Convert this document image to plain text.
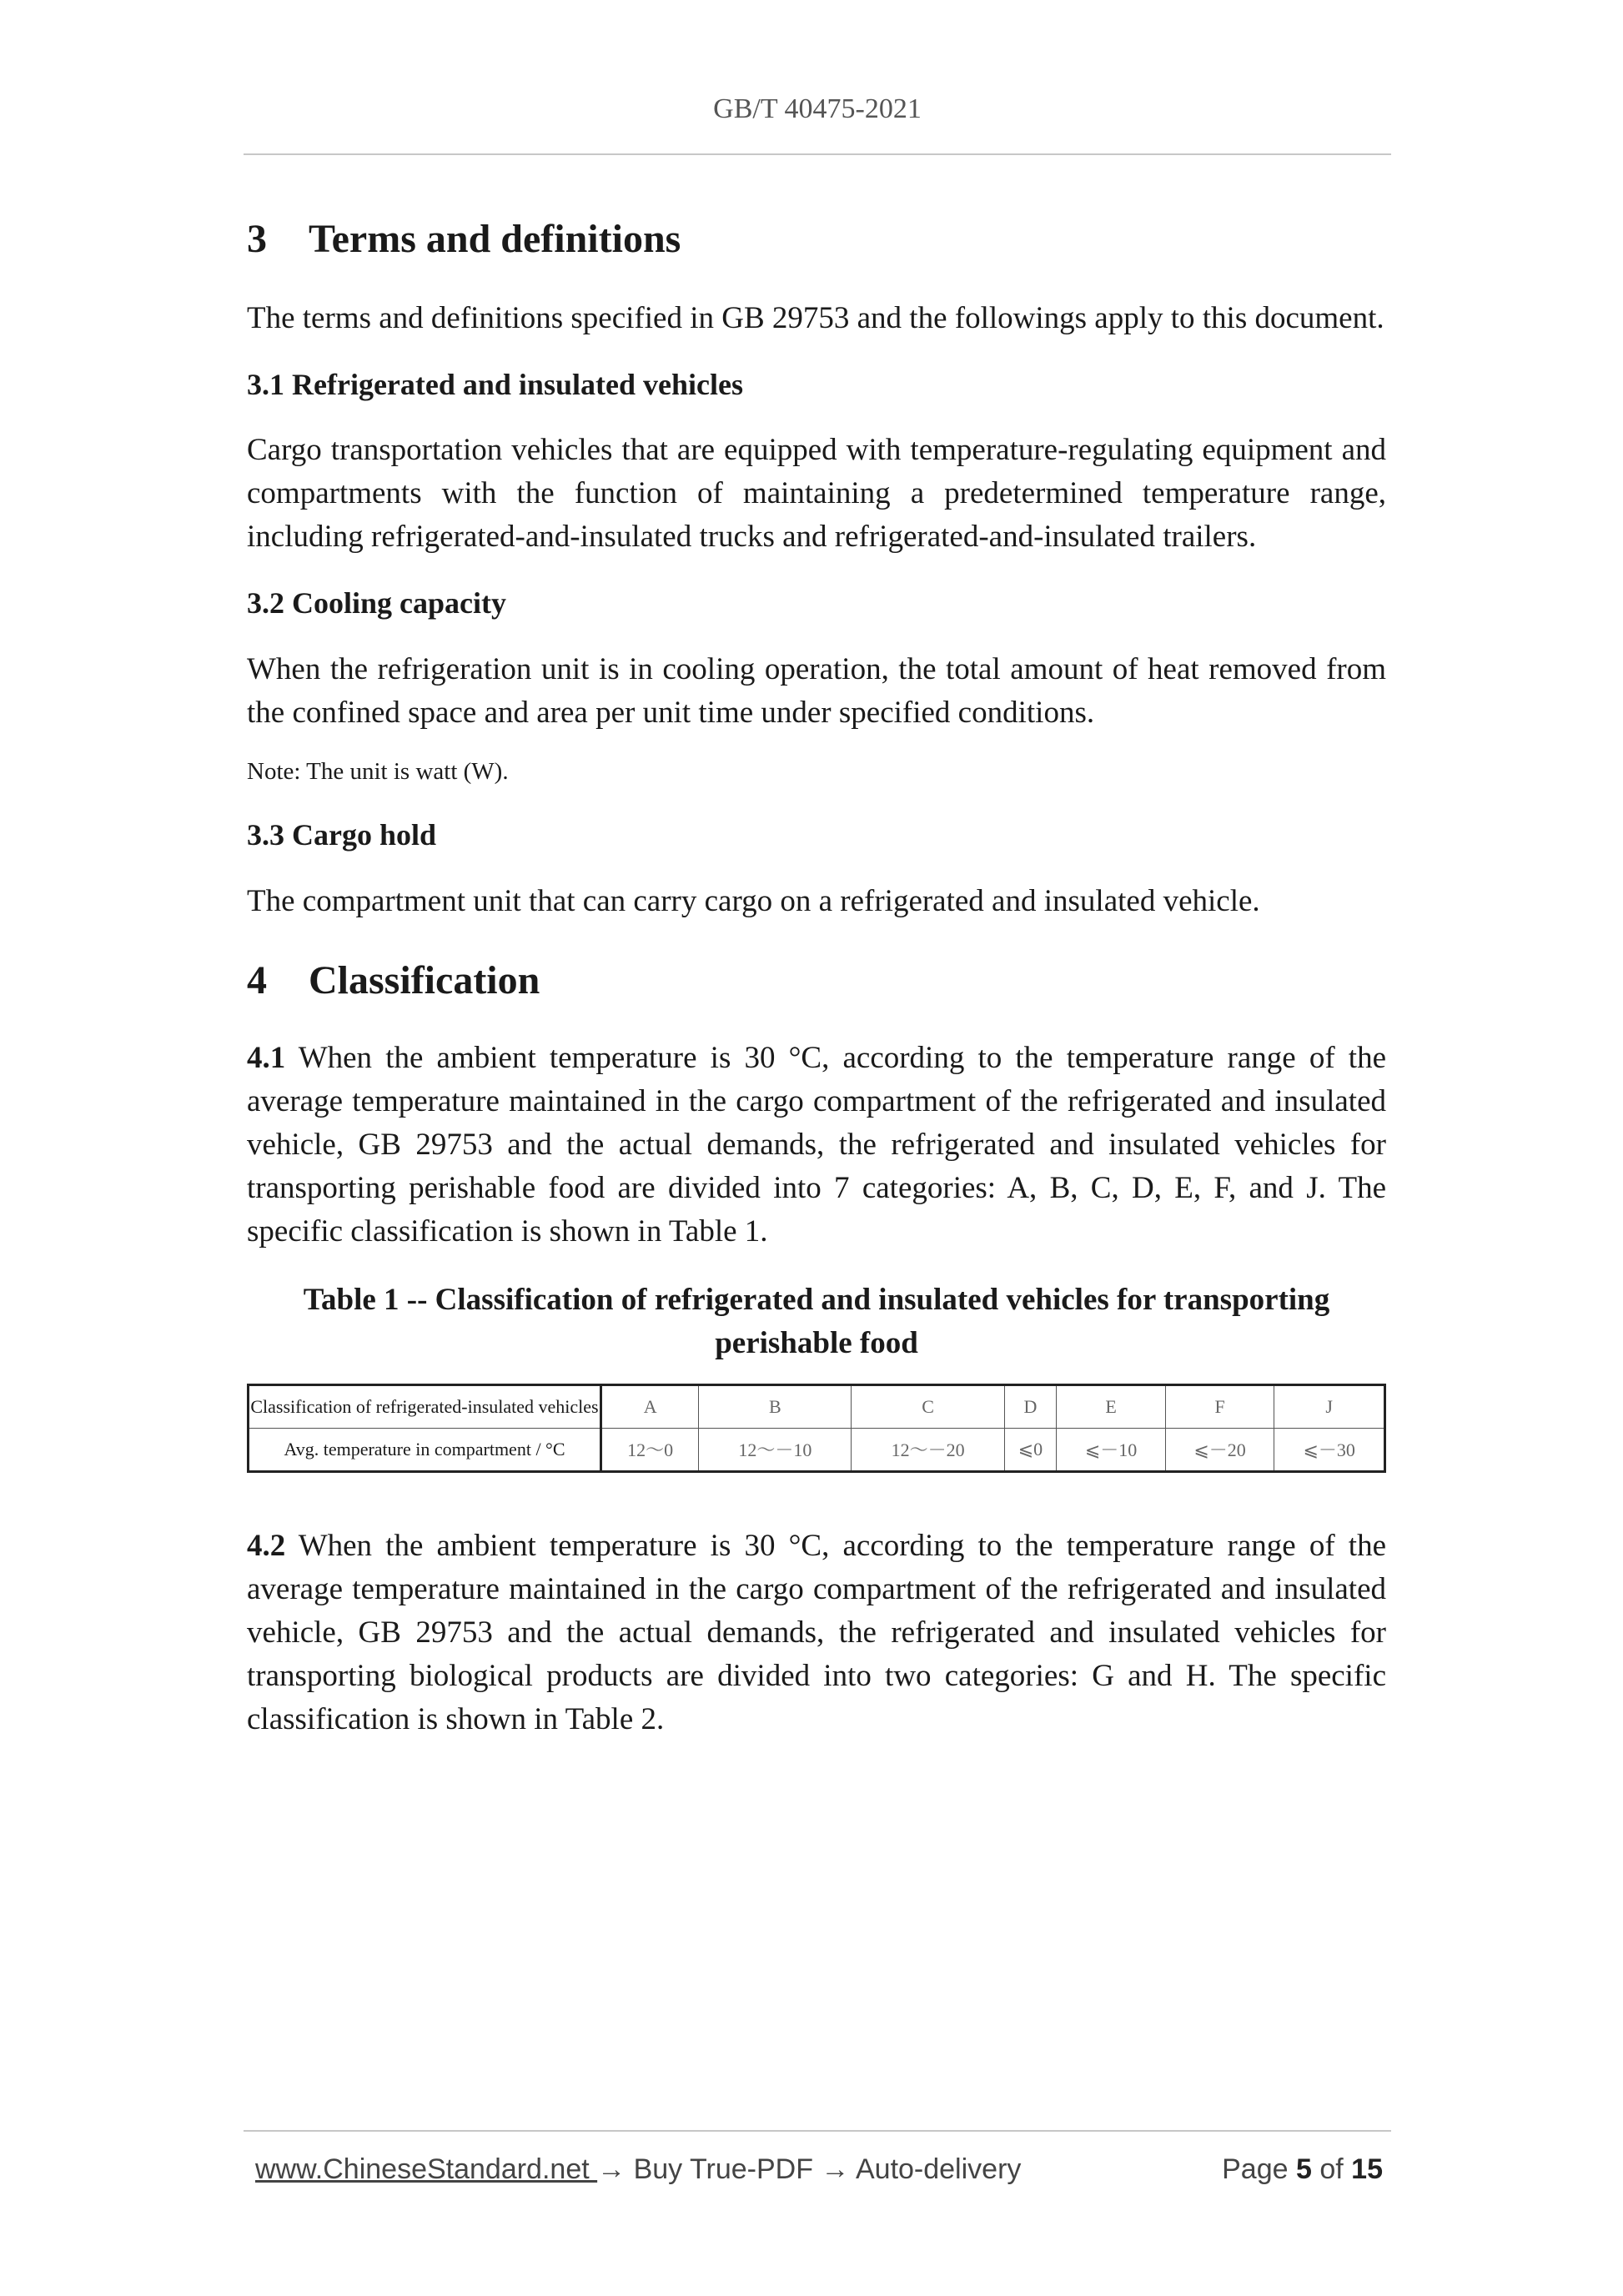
GB/T 40475-2021
3 Terms and definitions

The terms and definitions specified in GB 29753 and the followings apply to this document.

3.1 Refrigerated and insulated vehicles

Cargo transportation vehicles that are equipped with temperature-regulating equipment and compartments with the function of maintaining a predetermined temperature range, including refrigerated-and-insulated trucks and refrigerated-and-insulated trailers.

3.2 Cooling capacity

When the refrigeration unit is in cooling operation, the total amount of heat removed from the confined space and area per unit time under specified conditions.

Note: The unit is watt (W).

3.3 Cargo hold

The compartment unit that can carry cargo on a refrigerated and insulated vehicle.

4 Classification

4.1 When the ambient temperature is 30 °C, according to the temperature range of the average temperature maintained in the cargo compartment of the refrigerated and insulated vehicle, GB 29753 and the actual demands, the refrigerated and insulated vehicles for transporting perishable food are divided into 7 categories: A, B, C, D, E, F, and J. The specific classification is shown in Table 1.

Table 1 -- Classification of refrigerated and insulated vehicles for transporting perishable food

Classification of refrigerated-insulated vehicles	A	B	C	D	E	F	J
Avg. temperature in compartment / °C	12～0	12～－10	12～－20	⩽0	⩽－10	⩽－20	⩽－30

4.2 When the ambient temperature is 30 °C, according to the temperature range of the average temperature maintained in the cargo compartment of the refrigerated and insulated vehicle, GB 29753 and the actual demands, the refrigerated and insulated vehicles for transporting biological products are divided into two categories: G and H. The specific classification is shown in Table 2.

www.ChineseStandard.net → Buy True-PDF → Auto-delivery	Page 5 of 15
